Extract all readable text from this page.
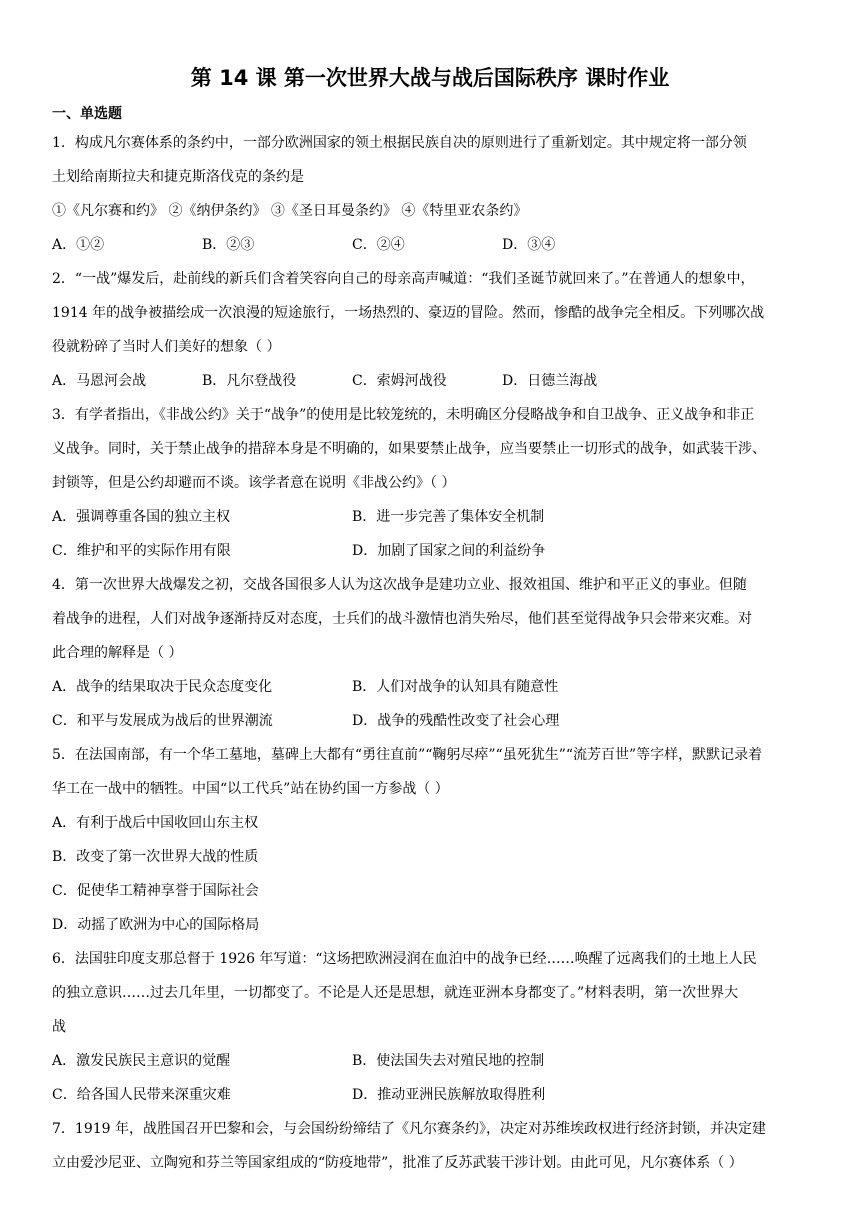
第 14 课 第一次世界大战与战后国际秩序 课时作业
一、单选题
1．构成凡尔赛体系的条约中，一部分欧洲国家的领土根据民族自决的原则进行了重新划定。其中规定将一部分领
土划给南斯拉夫和捷克斯洛伐克的条约是
①《凡尔赛和约》 ②《纳伊条约》 ③《圣日耳曼条约》 ④《特里亚农条约》
A．①②	B．②③	C．②④	D．③④
2．“一战”爆发后，赴前线的新兵们含着笑容向自己的母亲高声喊道：“我们圣诞节就回来了。”在普通人的想象中，
1914 年的战争被描绘成一次浪漫的短途旅行，一场热烈的、豪迈的冒险。然而，惨酷的战争完全相反。下列哪次战
役就粉碎了当时人们美好的想象（ ）
A．马恩河会战	B．凡尔登战役	C．索姆河战役	D．日德兰海战
3．有学者指出，《非战公约》关于“战争”的使用是比较笼统的，未明确区分侵略战争和自卫战争、正义战争和非正
义战争。同时，关于禁止战争的措辞本身是不明确的，如果要禁止战争，应当要禁止一切形式的战争，如武装干涉、
封锁等，但是公约却避而不谈。该学者意在说明《非战公约》（ ）
A．强调尊重各国的独立主权	B．进一步完善了集体安全机制
C．维护和平的实际作用有限	D．加剧了国家之间的利益纷争
4．第一次世界大战爆发之初，交战各国很多人认为这次战争是建功立业、报效祖国、维护和平正义的事业。但随
着战争的进程，人们对战争逐渐持反对态度，士兵们的战斗激情也消失殆尽，他们甚至觉得战争只会带来灾难。对
此合理的解释是（ ）
A．战争的结果取决于民众态度变化	B．人们对战争的认知具有随意性
C．和平与发展成为战后的世界潮流	D．战争的残酷性改变了社会心理
5．在法国南部，有一个华工墓地，墓碑上大都有“勇往直前”“鞠躬尽瘁”“虽死犹生”“流芳百世”等字样，默默记录着
华工在一战中的牺牲。中国“以工代兵”站在协约国一方参战（ ）
A．有利于战后中国收回山东主权
B．改变了第一次世界大战的性质
C．促使华工精神享誉于国际社会
D．动摇了欧洲为中心的国际格局
6．法国驻印度支那总督于 1926 年写道：“这场把欧洲浸润在血泊中的战争已经……唤醒了远离我们的土地上人民
的独立意识……过去几年里，一切都变了。不论是人还是思想，就连亚洲本身都变了。”材料表明，第一次世界大
战
A．激发民族民主意识的觉醒	B．使法国失去对殖民地的控制
C．给各国人民带来深重灾难	D．推动亚洲民族解放取得胜利
7．1919 年，战胜国召开巴黎和会，与会国纷纷缔结了《凡尔赛条约》，决定对苏维埃政权进行经济封锁，并决定建
立由爱沙尼亚、立陶宛和芬兰等国家组成的“防疫地带”，批准了反苏武装干涉计划。由此可见，凡尔赛体系（ ）
